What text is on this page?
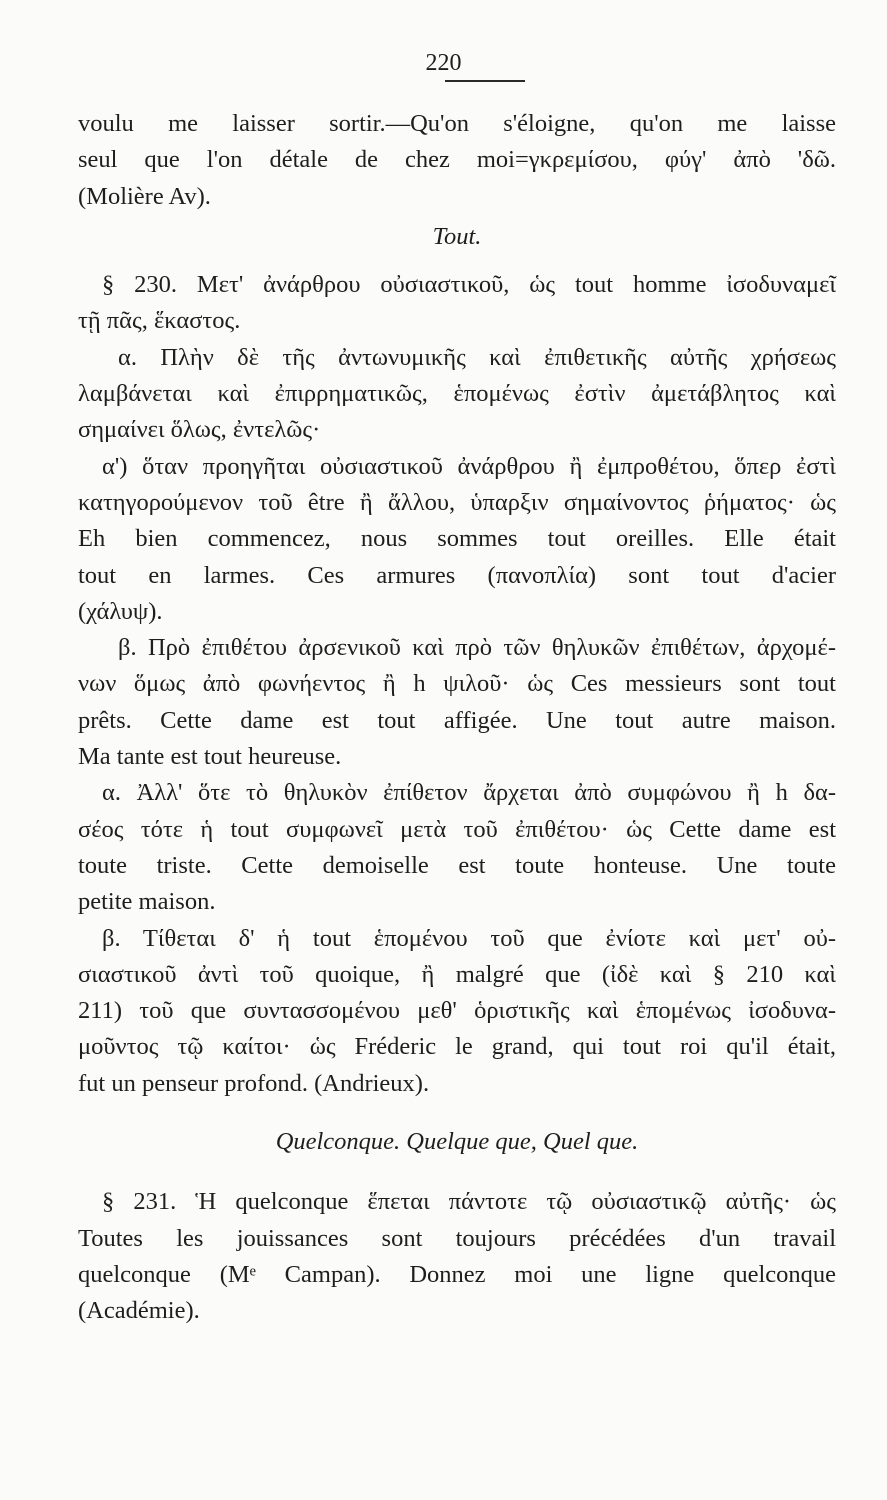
220
voulu me laisser sortir.—Qu'on s'éloigne, qu'on me laisse
seul que l'on détale de chez moi=γκρεμίσου, φύγ' ἀπὸ 'δῶ.
(Molière Av).
Tout.
§ 230. Μετ' ἀνάρθρου οὐσιαστικοῦ, ὡς tout homme ἰσοδυναμεῖ
τῇ πᾶς, ἕκαστος.
α. Πλὴν δὲ τῆς ἀντωνυμικῆς καὶ ἐπιθετικῆς αὐτῆς χρήσεως
λαμβάνεται καὶ ἐπιρρηματικῶς, ἑπομένως ἐστὶν ἀμετάβλητος καὶ
σημαίνει ὅλως, ἐντελῶς·
α') ὅταν προηγῆται οὐσιαστικοῦ ἀνάρθρου ἢ ἐμπροθέτου, ὅπερ ἐστὶ
κατηγορούμενον τοῦ être ἢ ἄλλου, ὑπαρξιν σημαίνοντος ῥήματος· ὡς
Eh bien commencez, nous sommes tout oreilles. Elle était
tout en larmes. Ces armures (πανοπλία) sont tout d'acier
(χάλυψ).
β. Πρὸ ἐπιθέτου ἀρσενικοῦ καὶ πρὸ τῶν θηλυκῶν ἐπιθέτων, ἀρχομέ-
νων ὅμως ἀπὸ φωνήεντος ἢ h ψιλοῦ· ὡς Ces messieurs sont tout
prêts. Cette dame est tout affigée. Une tout autre maison.
Ma tante est tout heureuse.
α. Ἀλλ' ὅτε τὸ θηλυκὸν ἐπίθετον ἄρχεται ἀπὸ συμφώνου ἢ h δα-
σέος τότε ἡ tout συμφωνεῖ μετὰ τοῦ ἐπιθέτου· ὡς Cette dame est
toute triste. Cette demoiselle est toute honteuse. Une toute
petite maison.
β. Τίθεται δ' ἡ tout ἑπομένου τοῦ que ἐνίοτε καὶ μετ' οὐ-
σιαστικοῦ ἀντὶ τοῦ quoique, ἢ malgré que (ἰδὲ καὶ § 210 καὶ
211) τοῦ que συντασσομένου μεθ' ὁριστικῆς καὶ ἑπομένως ἰσοδυνα-
μοῦντος τῷ καίτοι· ὡς Fréderic le grand, qui tout roi qu'il était,
fut un penseur profond. (Andrieux).
Quelconque. Quelque que, Quel que.
§ 231. Ἡ quelconque ἕπεται πάντοτε τῷ οὐσιαστικῷ αὐτῆς· ὡς
Toutes les jouissances sont toujours précédées d'un travail
quelconque (Mᵉ Campan). Donnez moi une ligne quelconque
(Académie).
